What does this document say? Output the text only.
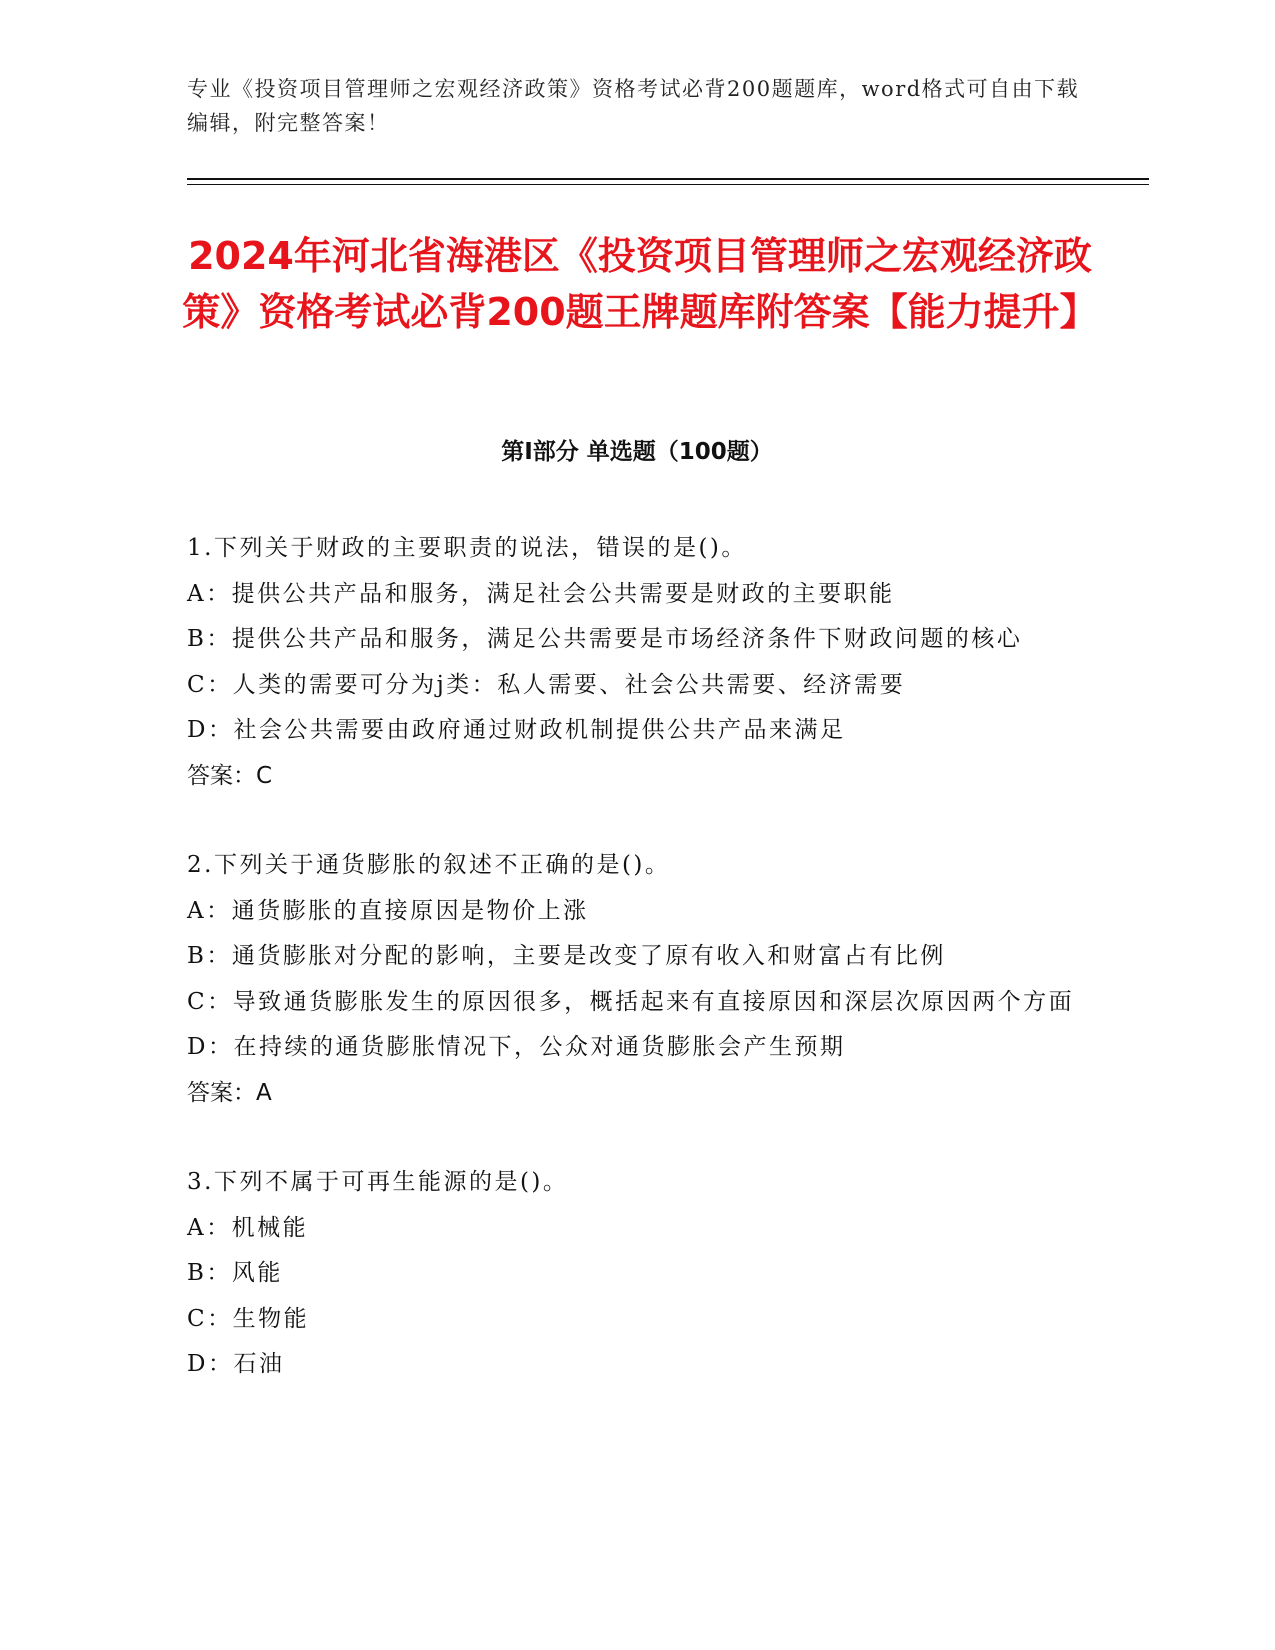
专业《投资项目管理师之宏观经济政策》资格考试必背200题题库，word格式可自由下载编辑，附完整答案！
2024年河北省海港区《投资项目管理师之宏观经济政策》资格考试必背200题王牌题库附答案【能力提升】
第Ⅰ部分 单选题（100题）
1.下列关于财政的主要职责的说法，错误的是()。
A：提供公共产品和服务，满足社会公共需要是财政的主要职能
B：提供公共产品和服务，满足公共需要是市场经济条件下财政问题的核心
C：人类的需要可分为j类：私人需要、社会公共需要、经济需要
D：社会公共需要由政府通过财政机制提供公共产品来满足
答案：C
2.下列关于通货膨胀的叙述不正确的是()。
A：通货膨胀的直接原因是物价上涨
B：通货膨胀对分配的影响，主要是改变了原有收入和财富占有比例
C：导致通货膨胀发生的原因很多，概括起来有直接原因和深层次原因两个方面
D：在持续的通货膨胀情况下，公众对通货膨胀会产生预期
答案：A
3.下列不属于可再生能源的是()。
A：机械能
B：风能
C：生物能
D：石油
